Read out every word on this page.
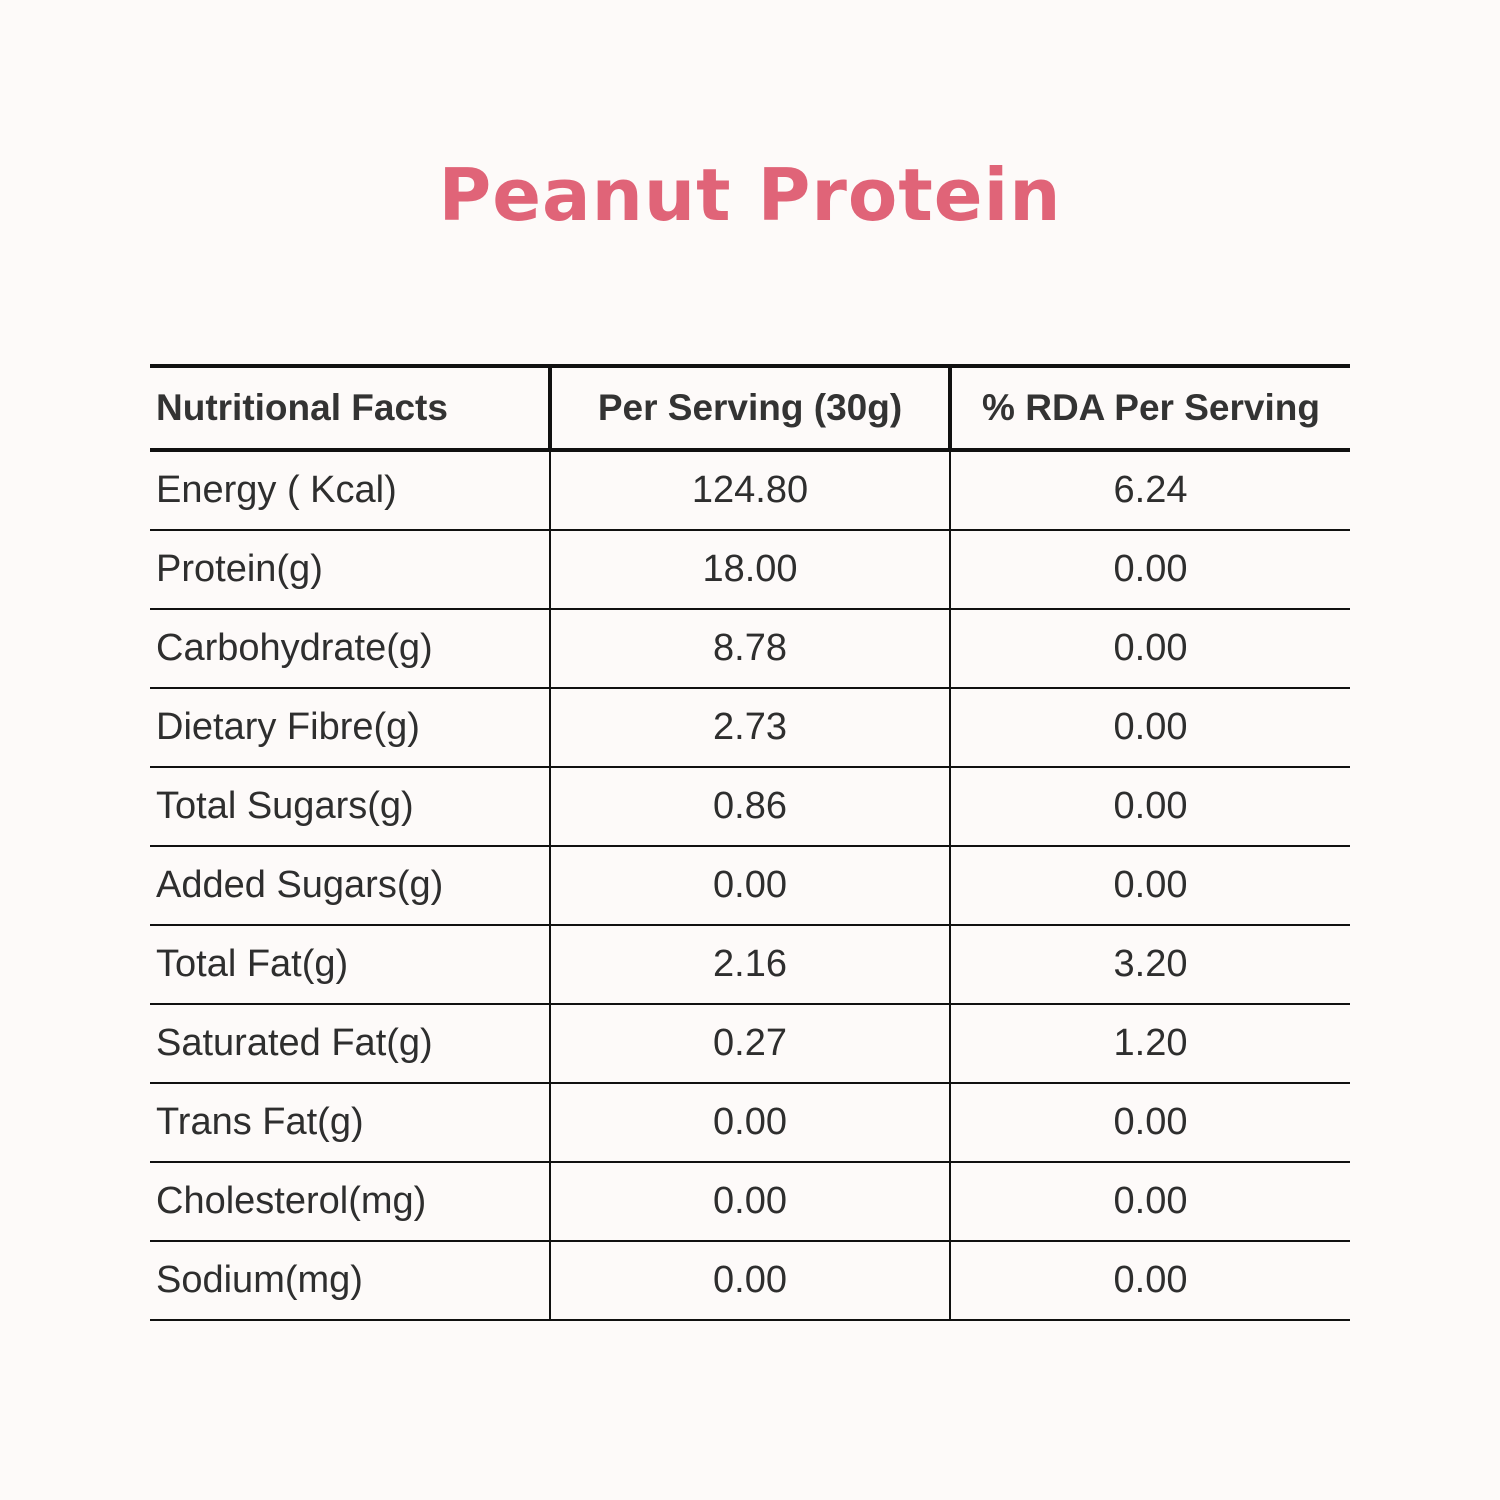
Peanut Protein
Nutritional Facts	Per Serving (30g)	% RDA Per Serving
Energy ( Kcal)	124.80	6.24
Protein(g)	18.00	0.00
Carbohydrate(g)	8.78	0.00
Dietary Fibre(g)	2.73	0.00
Total Sugars(g)	0.86	0.00
Added Sugars(g)	0.00	0.00
Total Fat(g)	2.16	3.20
Saturated Fat(g)	0.27	1.20
Trans Fat(g)	0.00	0.00
Cholesterol(mg)	0.00	0.00
Sodium(mg)	0.00	0.00
